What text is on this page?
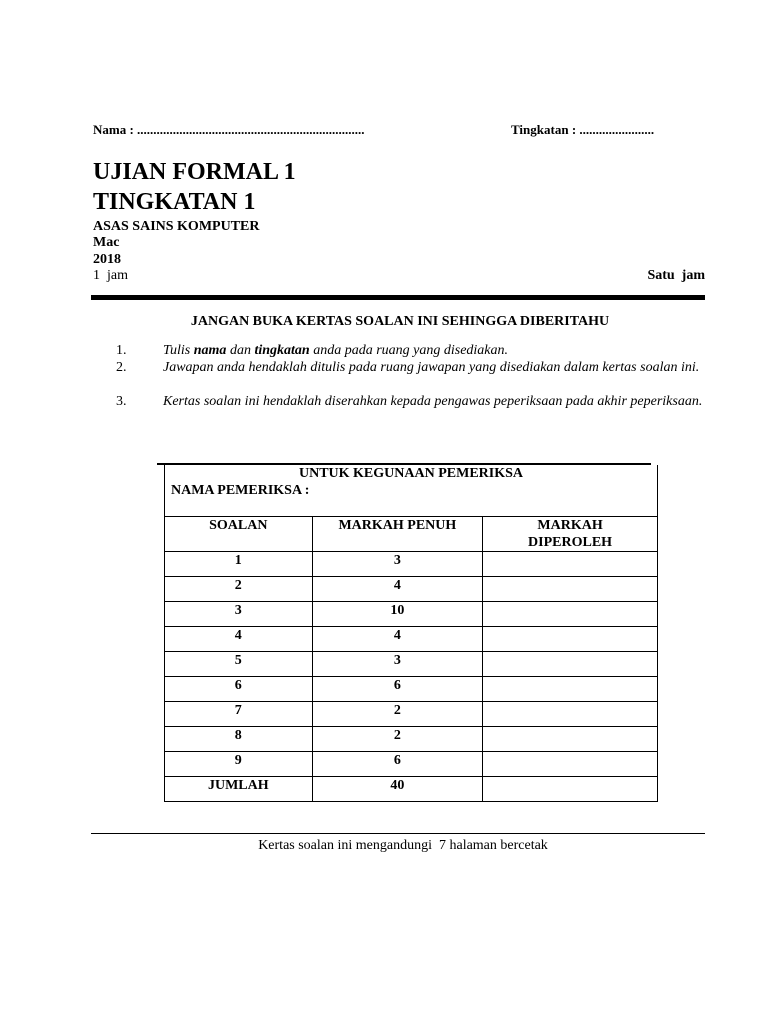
Nama : ......................................................................	Tingkatan : .......................
UJIAN FORMAL 1
TINGKATAN 1
ASAS SAINS KOMPUTER
Mac
2018
1  jam	Satu  jam
JANGAN BUKA KERTAS SOALAN INI SEHINGGA DIBERITAHU
1.	Tulis nama dan tingkatan anda pada ruang yang disediakan.
2.	Jawapan anda hendaklah ditulis pada ruang jawapan yang disediakan dalam kertas soalan ini.
3.	Kertas soalan ini hendaklah diserahkan kepada pengawas peperiksaan pada akhir peperiksaan.
UNTUK KEGUNAAN PEMERIKSA		
NAMA PEMERIKSA :		
SOALAN	MARKAH PENUH	MARKAH DIPEROLEH
1	3	
2	4	
3	10	
4	4	
5	3	
6	6	
7	2	
8	2	
9	6	
JUMLAH	40	
Kertas soalan ini mengandungi  7 halaman bercetak
